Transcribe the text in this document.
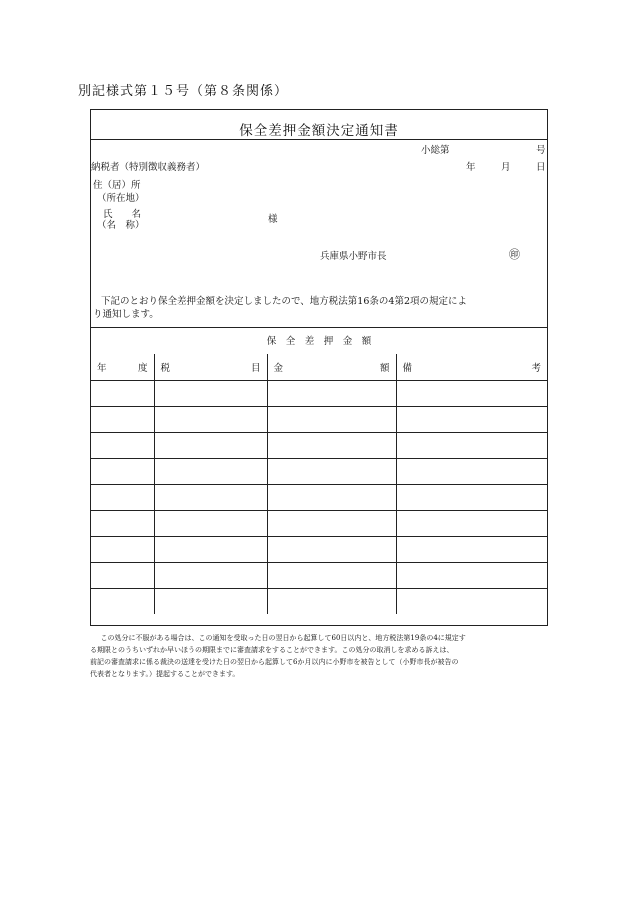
別記様式第１５号（第８条関係）
保全差押金額決定通知書
小総第	号
納税者（特別徴収義務者）	年	月	日
住（居）所
（所在地）
氏　　名
（名　称）
様
兵庫県小野市長	㊞
下記のとおり保全差押金額を決定しましたので、地方税法第16条の4第2項の規定によ
り通知します。
保　全　差　押　金　額
年 度	税 目	金 額	備 考

この処分に不服がある場合は、この通知を受取った日の翌日から起算して60日以内と、地方税法第19条の4に規定す

る期限とのうちいずれか早いほうの期限までに審査請求をすることができます。この処分の取消しを求める訴えは、
前記の審査請求に係る裁決の送達を受けた日の翌日から起算して6か月以内に小野市を被告として（小野市長が被告の
代表者となります。）提起することができます。
